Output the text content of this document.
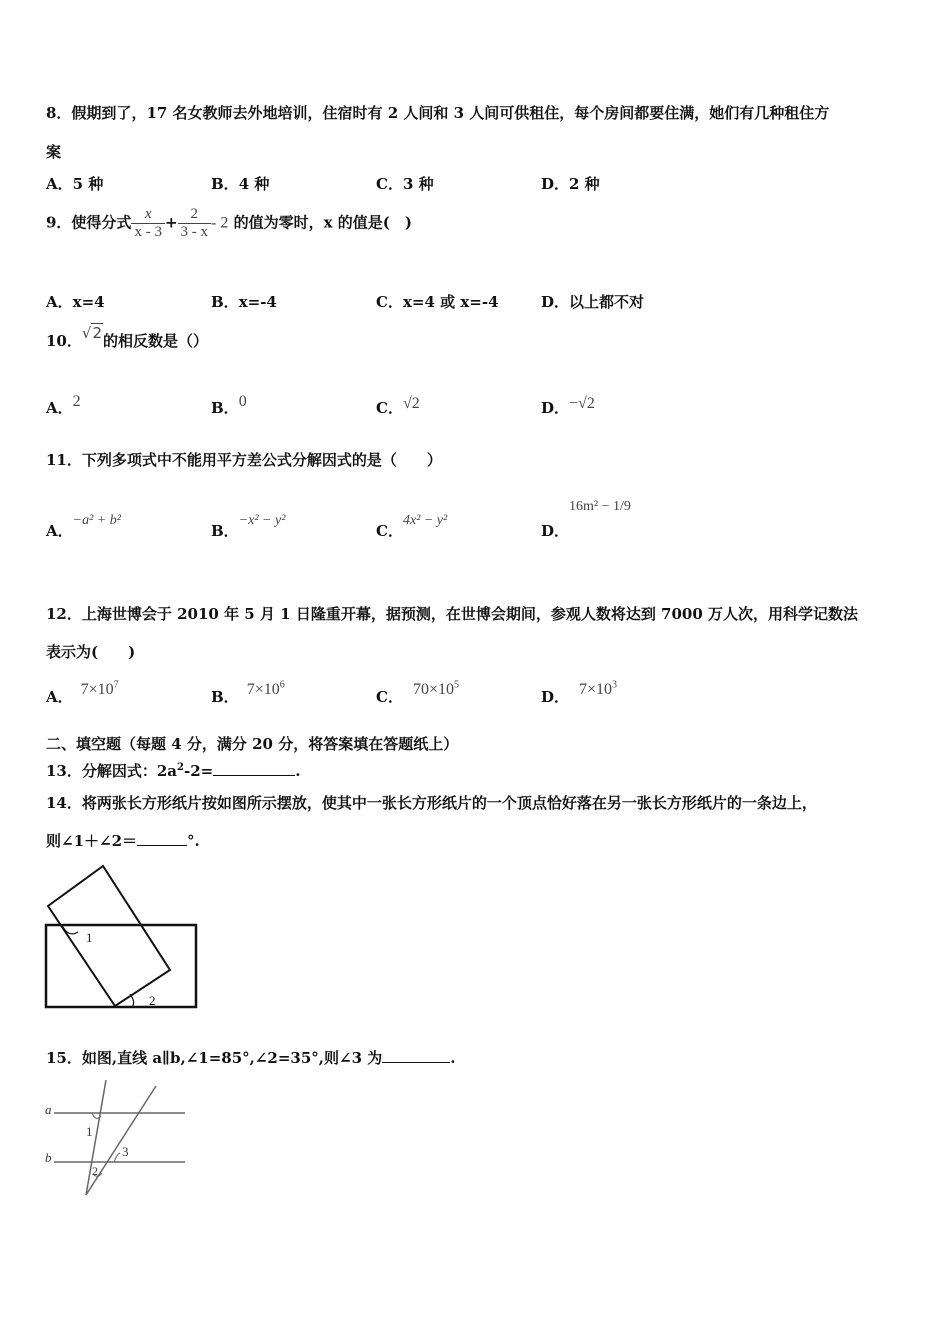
8．假期到了，17 名女教师去外地培训，住宿时有 2 人间和 3 人间可供租住，每个房间都要住满，她们有几种租住方
案
A．5 种	B．4 种	C．3 种	D．2 种
9．使得分式 $\frac{x}{x - 3} + \frac{2}{3 - x} - 2$ 的值为零时，x 的值是(　)
A．x=4	B．x=-4	C．x=4 或 x=-4	D．以上都不对
10．√2的相反数是（）
A．2	B．0	C．√2	D．−√2
11．下列多项式中不能用平方差公式分解因式的是（　　）
A．−a² + b²
B．−x² − y²
C．4x² − y²
D．16m² − 1/9
12．上海世博会于 2010 年 5 月 1 日隆重开幕，据预测，在世博会期间，参观人数将达到 7000 万人次，用科学记数法
表示为(　　)
A． $7\times 10^7$
B． $7\times 10^6$
C． $70\times 10^5$
D． $7\times 10^3$
二、填空题（每题 4 分，满分 20 分，将答案填在答题纸上）
13．分解因式：$2a^2-2=$	.
14．将两张长方形纸片按如图所示摆放，使其中一张长方形纸片的一个顶点恰好落在另一张长方形纸片的一条边上，
则∠1＋∠2＝	°.
1
2
15．如图,直线 a∥b,∠1=85°,∠2=35°,则∠3 为	.
a
b
1
2
3
